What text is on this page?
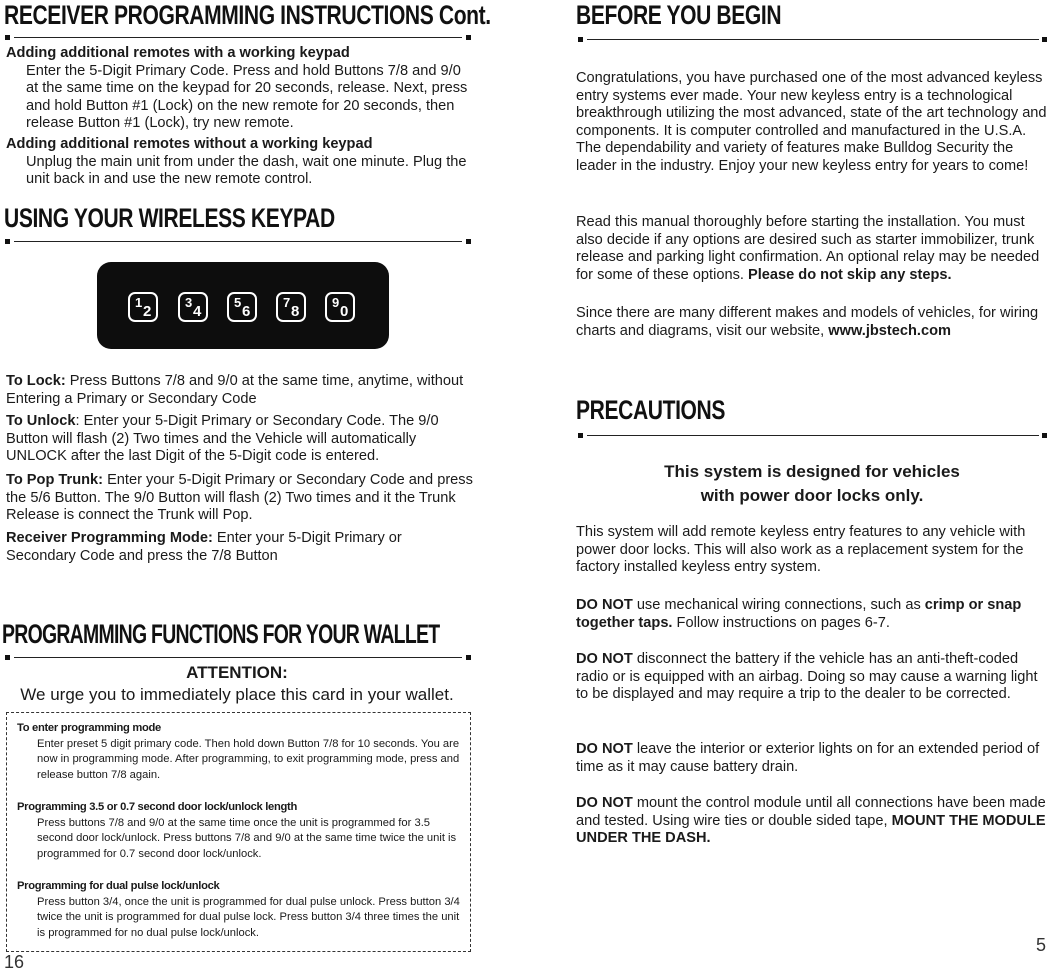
RECEIVER PROGRAMMING INSTRUCTIONS Cont.

Adding additional remotes with a working keypad

Enter the 5-Digit Primary Code. Press and hold Buttons 7/8 and 9/0 at the same time on the keypad for 20 seconds, release. Next, press and hold Button #1 (Lock) on the new remote for 20 seconds, then release Button #1 (Lock), try new remote.

Adding additional remotes without a working keypad

Unplug the main unit from under the dash, wait one minute. Plug the unit back in and use the new remote control.

USING YOUR WIRELESS KEYPAD
1
2
3
4
5
6
7
8
9
0
To Lock: Press Buttons 7/8 and 9/0 at the same time, anytime, without Entering a Primary or Secondary Code
To Unlock: Enter your 5-Digit Primary or Secondary Code. The 9/0 Button will flash (2) Two times and the Vehicle will automatically UNLOCK after the last Digit of the 5-Digit code is entered.
To Pop Trunk: Enter your 5-Digit Primary or Secondary Code and press the 5/6 Button. The 9/0 Button will flash (2) Two times and it the Trunk Release is connect the Trunk will Pop.
Receiver Programming Mode: Enter your 5-Digit Primary or Secondary Code and press the 7/8 Button
PROGRAMMING FUNCTIONS FOR YOUR WALLET

ATTENTION:

We urge you to immediately place this card in your wallet.

To enter programming mode

Enter preset 5 digit primary code. Then hold down Button 7/8 for 10 seconds. You are now in programming mode. After programming, to exit programming mode, press and release button 7/8 again.

Programming 3.5 or 0.7 second door lock/unlock length

Press buttons 7/8 and 9/0 at the same time once the unit is programmed for 3.5 second door lock/unlock. Press buttons 7/8 and 9/0 at the same time twice the unit is programmed for 0.7 second door lock/unlock.

Programming for dual pulse lock/unlock

Press button 3/4, once the unit is programmed for dual pulse unlock. Press button 3/4 twice the unit is programmed for dual pulse lock. Press button 3/4 three times the unit is programmed for no dual pulse lock/unlock.

16
BEFORE YOU BEGIN

Congratulations, you have purchased one of the most advanced keyless entry systems ever made. Your new keyless entry is a technological breakthrough utilizing the most advanced, state of the art technology and components. It is computer controlled and manufactured in the U.S.A. The dependability and variety of features make Bulldog Security the leader in the industry. Enjoy your new keyless entry for years to come!

Read this manual thoroughly before starting the installation. You must also decide if any options are desired such as starter immobilizer, trunk release and parking light confirmation. An optional relay may be needed for some of these options. Please do not skip any steps.
Since there are many different makes and models of vehicles, for wiring charts and diagrams, visit our website, www.jbstech.com
PRECAUTIONS

This system is designed for vehicles

with power door locks only.

This system will add remote keyless entry features to any vehicle with power door locks. This will also work as a replacement system for the factory installed keyless entry system.

DO NOT use mechanical wiring connections, such as crimp or snap together taps. Follow instructions on pages 6-7.
DO NOT disconnect the battery if the vehicle has an anti-theft-coded radio or is equipped with an airbag. Doing so may cause a warning light to be displayed and may require a trip to the dealer to be corrected.
DO NOT leave the interior or exterior lights on for an extended period of time as it may cause battery drain.
DO NOT mount the control module until all connections have been made and tested. Using wire ties or double sided tape, MOUNT THE MODULE UNDER THE DASH.
5
